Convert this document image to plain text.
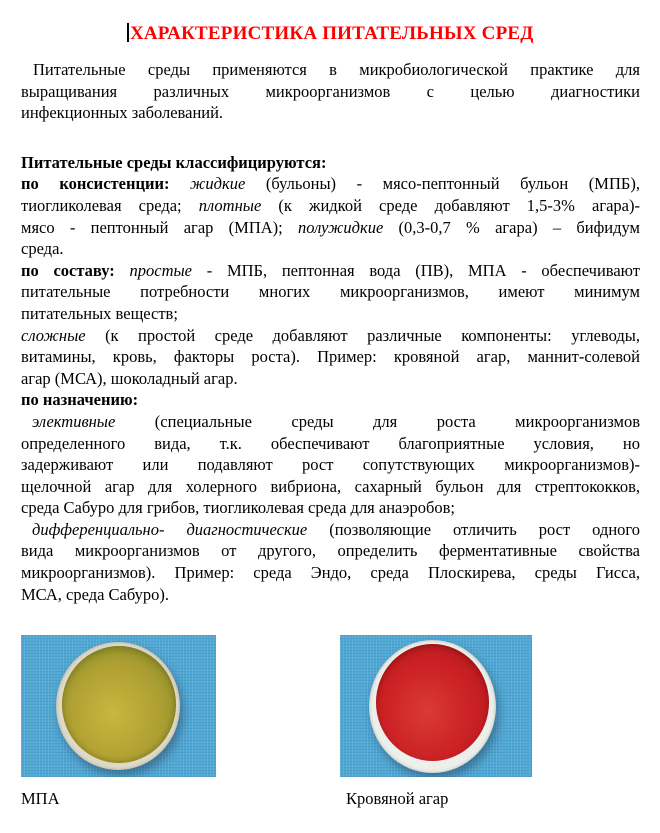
ХАРАКТЕРИСТИКА ПИТАТЕЛЬНЫХ СРЕД
Питательные среды применяются в микробиологической практике для
выращивания различных микроорганизмов с целью диагностики
инфекционных заболеваний.
Питательные среды классифицируются:
по консистенции: жидкие (бульоны) - мясо-пептонный бульон (МПБ),
тиогликолевая среда; плотные (к жидкой среде добавляют 1,5-3% агара)-
мясо - пептонный агар (МПА); полужидкие (0,3-0,7 % агара) – бифидум
среда.
по составу: простые - МПБ, пептонная вода (ПВ), МПА - обеспечивают
питательные потребности многих микроорганизмов, имеют минимум
питательных веществ;
сложные (к простой среде добавляют различные компоненты: углеводы,
витамины, кровь, факторы роста). Пример: кровяной агар, маннит-солевой
агар (МСА), шоколадный агар.
по назначению:
элективные (специальные среды для роста микроорганизмов
определенного вида, т.к. обеспечивают благоприятные условия, но
задерживают или подавляют рост сопутствующих микроорганизмов)-
щелочной агар для холерного вибриона, сахарный бульон для стрептококков,
среда Сабуро для грибов, тиогликолевая среда для анаэробов;
дифференциально- диагностические (позволяющие отличить рост одного
вида микроорганизмов от другого, определить ферментативные свойства
микроорганизмов). Пример: среда Эндо, среда Плоскирева, среды Гисса,
МСА, среда Сабуро).
МПА	Кровяной агар
